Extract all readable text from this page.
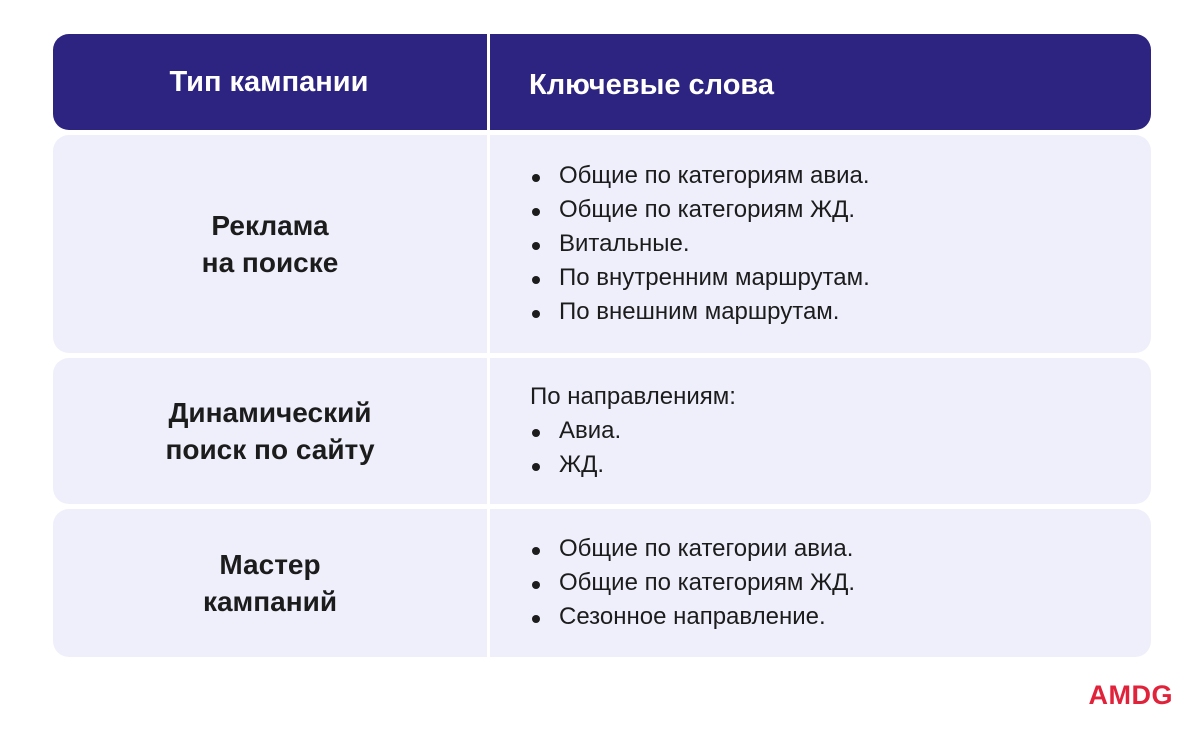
Тип кампании	Ключевые слова
Реклама
на поиске
Общие по категориям авиа.
Общие по категориям ЖД.
Витальные.
По внутренним маршрутам.
По внешним маршрутам.
Динамический
поиск по сайту

По направлениям:

Авиа.
ЖД.
Мастер
кампаний
Общие по категории авиа.
Общие по категориям ЖД.
Сезонное направление.
AMDG
